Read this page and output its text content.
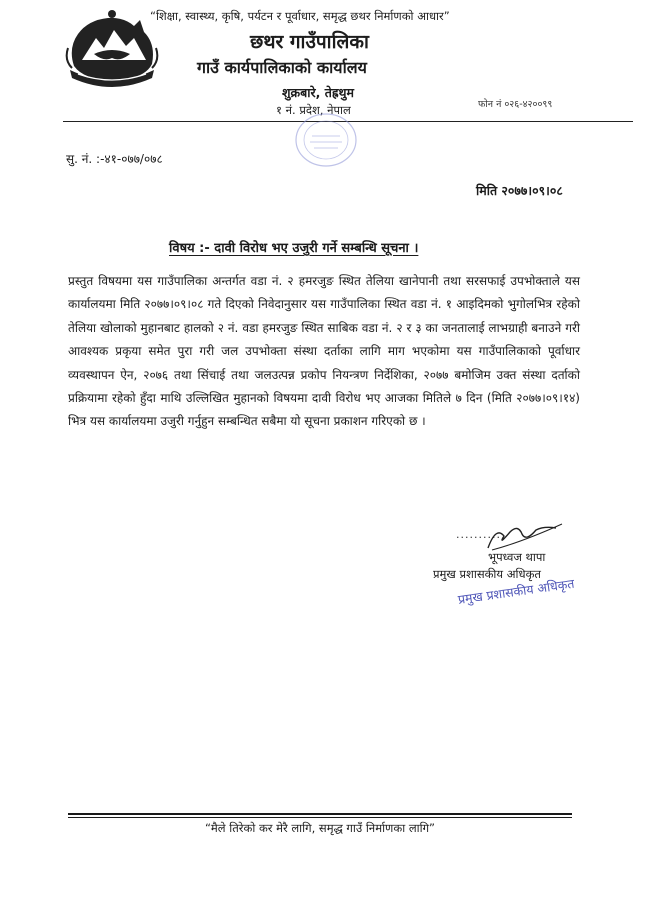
“शिक्षा, स्वास्थ्य, कृषि, पर्यटन र पूर्वाधार, समृद्ध छथर निर्माणको आधार”
छथर गाउँपालिका
गाउँ कार्यपालिकाको कार्यालय
शुक्रबारे, तेह्रथुम
१ नं. प्रदेश, नेपाल	फोन नं ०२६-४२००९९
सु. नं. :-४१-०७७/०७८
मिति २०७७।०९।०८
विषय :- दावी विरोध भए उजुरी गर्ने सम्बन्धि सूचना ।
प्रस्तुत विषयमा यस गाउँपालिका अन्तर्गत वडा नं. २ हमरजुङ स्थित तेलिया खानेपानी तथा सरसफाई उपभोक्ताले यस कार्यालयमा मिति २०७७।०९।०८ गते दिएको निवेदानुसार यस गाउँपालिका स्थित वडा नं. १ आइदिमको भुगोलभित्र रहेको तेलिया खोलाको मुहानबाट हालको २ नं. वडा हमरजुङ स्थित साबिक वडा नं. २ र ३ का जनतालाई लाभग्राही बनाउने गरी आवश्यक प्रकृया समेत पुरा गरी जल उपभोक्ता संस्था दर्ताका लागि माग भएकोमा यस गाउँपालिकाको पूर्वाधार व्यवस्थापन ऐन, २०७६ तथा सिंचाई तथा जलउत्पन्न प्रकोप नियन्त्रण निर्देशिका, २०७७ बमोजिम उक्त संस्था दर्ताको प्रक्रियामा रहेको हुँदा माथि उल्लिखित मुहानको विषयमा दावी विरोध भए आजका मितिले ७ दिन (मिति २०७७।०९।१४) भित्र यस कार्यालयमा उजुरी गर्नुहुन सम्बन्धित सबैमा यो सूचना प्रकाशन गरिएको छ ।
..........
भूपध्वज थापा
प्रमुख प्रशासकीय अधिकृत
प्रमुख प्रशासकीय अधिकृत
“मैले तिरेको कर मेरै लागि, समृद्ध गाउँ निर्माणका लागि”
